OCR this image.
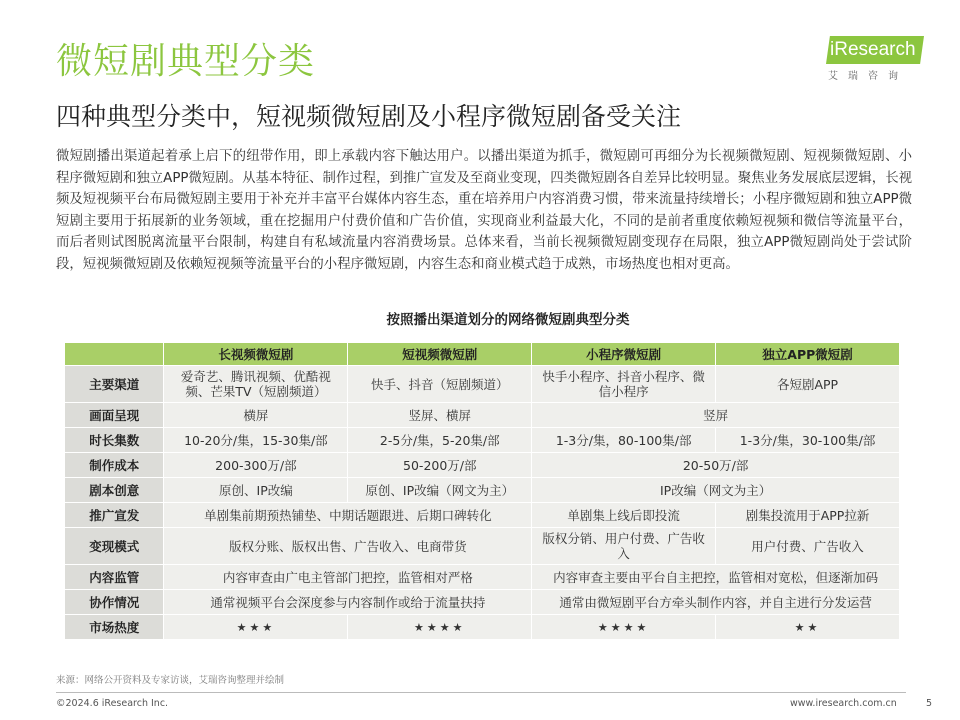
微短剧典型分类
四种典型分类中，短视频微短剧及小程序微短剧备受关注
iResearch
艾瑞咨询
微短剧播出渠道起着承上启下的纽带作用，即上承载内容下触达用户。以播出渠道为抓手，微短剧可再细分为长视频微短剧、短视频微短剧、小程序微短剧和独立APP微短剧。从基本特征、制作过程，到推广宣发及至商业变现，四类微短剧各自差异比较明显。聚焦业务发展底层逻辑，长视频及短视频平台布局微短剧主要用于补充并丰富平台媒体内容生态，重在培养用户内容消费习惯，带来流量持续增长；小程序微短剧和独立APP微短剧主要用于拓展新的业务领域，重在挖掘用户付费价值和广告价值，实现商业利益最大化，不同的是前者重度依赖短视频和微信等流量平台，而后者则试图脱离流量平台限制，构建自有私域流量内容消费场景。总体来看，当前长视频微短剧变现存在局限，独立APP微短剧尚处于尝试阶段，短视频微短剧及依赖短视频等流量平台的小程序微短剧，内容生态和商业模式趋于成熟，市场热度也相对更高。
按照播出渠道划分的网络微短剧典型分类
	长视频微短剧	短视频微短剧	小程序微短剧	独立APP微短剧
主要渠道	爱奇艺、腾讯视频、优酷视频、芒果TV（短剧频道）	快手、抖音（短剧频道）	快手小程序、抖音小程序、微信小程序	各短剧APP
画面呈现	横屏	竖屏、横屏	竖屏	
时长集数	10-20分/集，15-30集/部	2-5分/集，5-20集/部	1-3分/集，80-100集/部	1-3分/集，30-100集/部
制作成本	200-300万/部	50-200万/部	20-50万/部	
剧本创意	原创、IP改编	原创、IP改编（网文为主）	IP改编（网文为主）	
推广宣发	单剧集前期预热铺垫、中期话题跟进、后期口碑转化		单剧集上线后即投流	剧集投流用于APP拉新
变现模式	版权分账、版权出售、广告收入、电商带货		版权分销、用户付费、广告收入	用户付费、广告收入
内容监管	内容审查由广电主管部门把控，监管相对严格		内容审查主要由平台自主把控，监管相对宽松，但逐渐加码	
协作情况	通常视频平台会深度参与内容制作或给于流量扶持		通常由微短剧平台方牵头制作内容，并自主进行分发运营	
市场热度	★★★	★★★★	★★★★	★★
来源：网络公开资料及专家访谈，艾瑞咨询整理并绘制
©2024.6 iResearch Inc.	www.iresearch.com.cn	5
